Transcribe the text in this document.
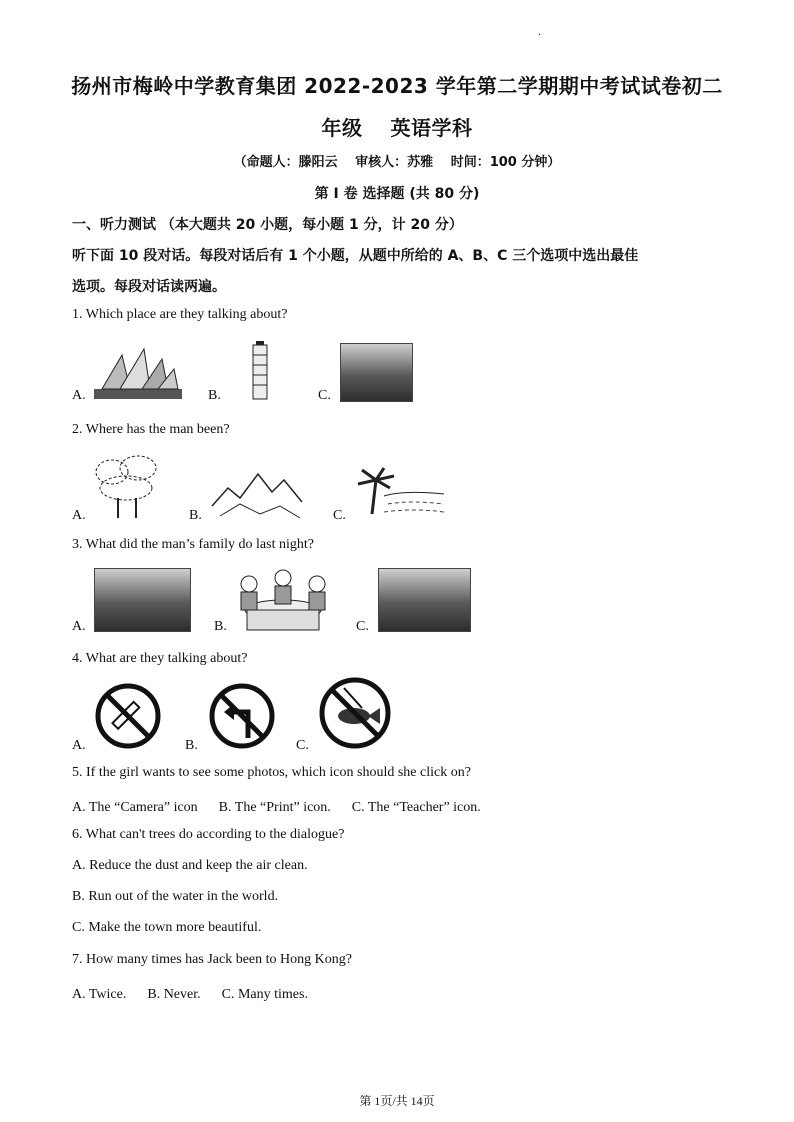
·
扬州市梅岭中学教育集团 2022-2023 学年第二学期期中考试试卷初二
年级　 英语学科
（命题人：滕阳云　 审核人：苏雅　 时间：100 分钟）
第 I 卷 选择题 (共 80 分)
一、听力测试 （本大题共 20 小题，每小题 1 分，计 20 分）
听下面 10 段对话。每段对话后有 1 个小题，从题中所给的 A、B、C 三个选项中选出最佳
选项。每段对话读两遍。
1. Which place are they talking about?
A.	B.	C.
2. Where has the man been?
A.	B.	C.
3. What did the man’s family do last night?
A.	B.	C.
4. What are they talking about?
A.	B.	C.
5. If the girl wants to see some photos, which icon should she click on?
A. The “Camera” icon 　 B. The “Print” icon. 　 C. The “Teacher” icon.
6. What can't trees do according to the dialogue?
A. Reduce the dust and keep the air clean.
B. Run out of the water in the world.
C. Make the town more beautiful.
7. How many times has Jack been to Hong Kong?
A. Twice. 　 B. Never. 　 C. Many times.
第 1页/共 14页
